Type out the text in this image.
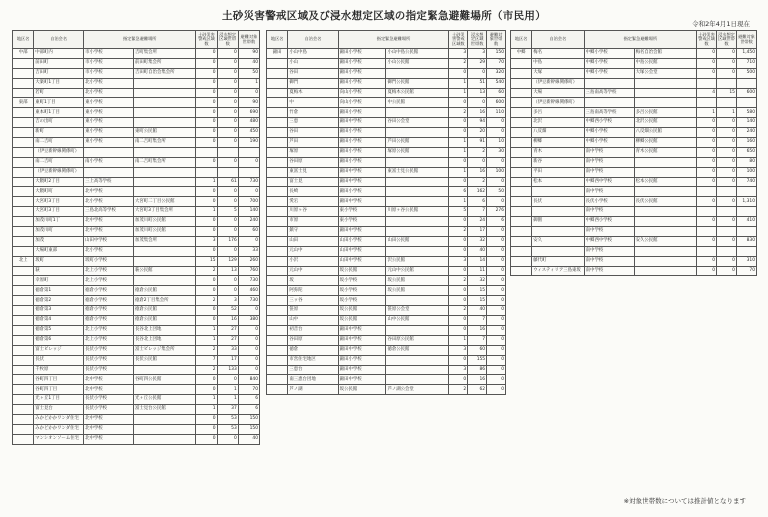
土砂災害警戒区域及び浸水想定区域の指定緊急避難場所（市民用）
令和2年4月1日現在
地区名	自治会名	指定緊急避難場所		土砂災害警戒区域数	浸水想定区域世帯数	避難対象世帯数
中部	中部町内	市小学校	吉町集会所	0	0	90
	前田町	市小学校	前田町集会所	0	0	40
	吉田町	市小学校	吉田町自治会集会所	0	0	50
	大楽町1丁目	北小学校		0	0	1
	若町	北小学校		0	0	0
東部	東町1丁目	東小学校		0	0	90
	東本町1丁目	東小学校		0	0	690
	吉の出町	東小学校		0	0	480
	新町	東小学校	東町公民館	0	0	450
	南二吉町	東小学校	南二吉町集会所	0	0	190
	（伊豆新幹線関係町）					
	南二吉町	南小学校	南二吉町集会所	0	0	0
	（伊豆新幹線関係町）					
	大隈町2丁目	三上高等学校		1	61	730
	大隈町町	北中学校		0	0	0
	大宮町3丁目	北小学校	大宮町二丁目公民館	0	0	700
	大宮町3丁目	三島北高等学校	大宮町3丁目集会所	1	5	140
	加茂川町1丁	北中学校	加茂川町公民館	0	0	240
	加茂川町	北中学校	加茂川町公民館	0	0	60
	加茂	山田中学校	加茂集会所	3	176	0
	大場町東部	北小学校		0	0	33
北上	坂町	坂町小学校		15	129	260
	萩	北上小学校	萩公民館	2	13	760
	幸原町	北上小学校		0	0	730
	徳倉第1	徳倉小学校	徳倉公民館	0	0	460
	徳倉第2	徳倉小学校	徳倉2丁目集会所	2	3	730
	徳倉第3	徳倉小学校	徳倉公民館	0	52	0
	徳倉第4	徳倉小学校	徳倉公民館	0	16	380
	徳倉第5	北上小学校	長谷北上団地	1	27	0
	徳倉第6	北上小学校	長谷北上団地	1	27	0
	富士ビレッジ	長伏小学校	富士ビレッジ集会所	2	33	0
	長伏	長伏小学校	長伏公民館	7	17	0
	千枚原	長伏小学校		2	133	0
	谷町四丁目	北中学校	谷町四公民館	0	0	840
	谷町四丁目	北中学校		0	1	70
	光ヶ丘1丁目	長伏小学校	光ヶ丘公民館	1	1	6
	富士見台	長伏小学校	富士見台公民館	1	37	6
	みかどかかワンダ住宅	北中学校		0	53	150
	みかどかかワンダ住宅	北中学校		0	53	150
	マンシオンソーム住宅	北中学校		0	0	40
地区名	自治会名	指定緊急避難場所		土砂災害警戒区域数	浸水想定区域世帯数	避難対象世帯数
錦田	小山中島	錦田小学校	小山中島公民館	3	3	150
	小山	錦田小学校	小山公民館	2	29	70
	谷田	錦田小学校		0	0	320
	御門	錦田小学校	御門公民館	1	51	540
	夏梅木	向山小学校	夏梅木公民館	1	13	60
	中	向山小学校	中公民館	0	0	600
	竹倉	錦田小学校		2	16	110
	三恵	錦田中学校	谷田公会堂	0	94	0
	谷田	錦田小学校		0	20	0
	芦田	錦田小学校	芦田公民館	1	91	10
	塚原	錦田小学校	塚原公民館	1	2	30
	谷田原	錦田小学校		0	0	0
	東富士見	錦田中学校	東富士見公民館	1	16	100
	富士見	錦田中学校		0	2	0
	長崎	錦田小学校		6	162	50
	愛宕	錦田中学校		1	6	0
	川原ヶ谷	東小学校	川原ヶ谷公民館	5	7	276
	市原	東小学校		0	24	6
	鎮守	錦田中学校		2	17	0
	山田	山田小学校	山田公民館	0	32	0
	元山中	山田中学校		0	40	0
	小沢	山田中学校	沢公民館	3	14	0
	元山中	坂公民館	元山中公民館	0	11	0
	坂	坂小学校	坂公民館	2	32	0
	阿弥陀	坂小学校	坂公民館	0	15	0
	三ッ谷	坂小学校		0	15	0
	笹原	坂公民館	笹原公会堂	2	40	0
	山中	坂公民館	山中公民館	0	7	0
	初音台	錦田中学校		0	16	0
	谷田原	錦田中学校	谷田原公民館	1	7	0
	徳倉	錦田中学校	徳倉公民館	3	60	0
	市営住宅地区	錦田小学校		0	155	0
	三恵台	錦田中学校		3	86	0
	南三恵台団地	錦田中学校		0	16	0
	芦ノ湖	坂公民館	芦ノ湖公会堂	2	62	0
地区名	自治会名	指定緊急避難場所		土砂災害警戒区域数	浸水想定区域世帯数	避難対象世帯数
中郷	梅名	中郷小学校	梅名自治会館	0	0	1,450
	中島	中郷小学校	中島公民館	0	0	710
	大塚	中郷小学校	大塚公会堂	0	0	500
	（伊豆新幹線関係町）					
	大場	三島南高等学校		4	15	600
	（伊豆新幹線関係町）					
	多呂	三島南高等学校	多呂公民館	1	1	580
	北沢	中郷西小学校	北沢公民館	0	0	140
	八反畑	中郷小学校	八反畑公民館	0	0	240
	柳郷	中郷小学校	柳郷公民館	0	0	160
	青木	南中学校	青木公民館	0	0	650
	新谷	南中学校		0	0	80
	平田	南中学校		0	0	100
	松本	中郷西中学校	松本公民館	0	0	740
		南中学校				
	長伏	長伏小学校	長伏公民館	0	0	1,310
		南中学校				
	御園	中郷西小学校		0	0	410
		南中学校				
	安久	中郷西中学校	安久公民館	0	0	830
		南中学校				
	藤代町	南中学校		0	0	310
	ウィスティリア三島東坂	南中学校		0	0	70
※対象世帯数については推計値となります
